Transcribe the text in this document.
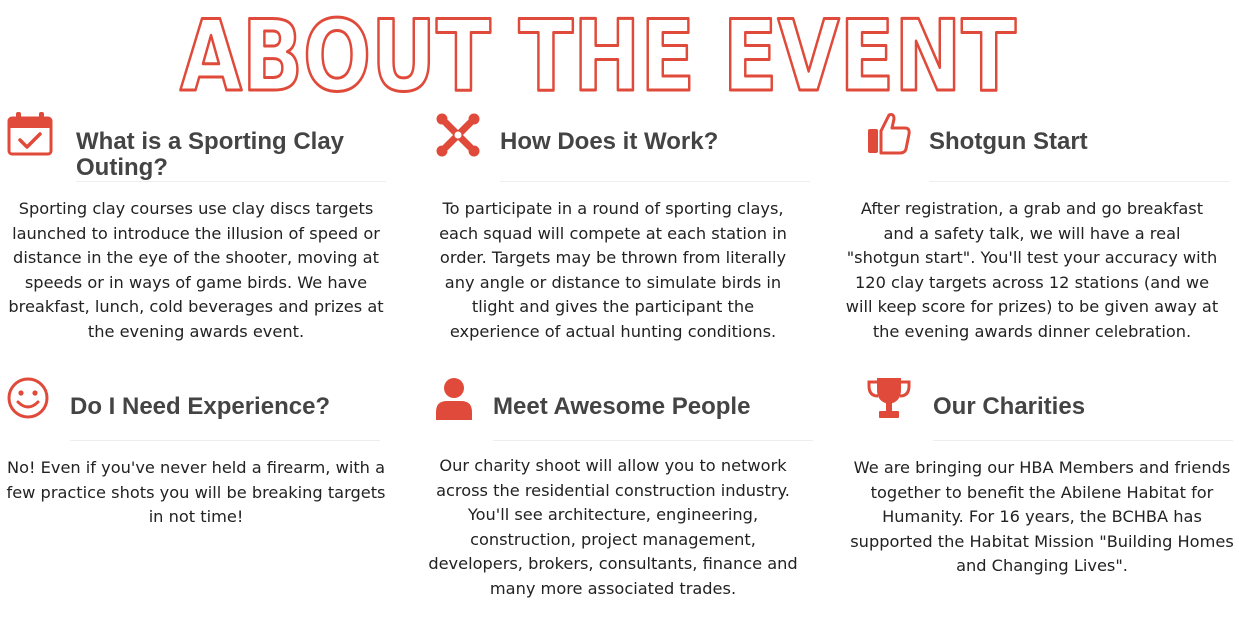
ABOUT THE EVENT
What is a Sporting Clay Outing?
Sporting clay courses use clay discs targets launched to introduce the illusion of speed or distance in the eye of the shooter, moving at speeds or in ways of game birds. We have breakfast, lunch, cold beverages and prizes at the evening awards event.
How Does it Work?
To participate in a round of sporting clays, each squad will compete at each station in order. Targets may be thrown from literally any angle or distance to simulate birds in tlight and gives the participant the experience of actual hunting conditions.
Shotgun Start
After registration, a grab and go breakfast and a safety talk, we will have a real "shotgun start". You'll test your accuracy with 120 clay targets across 12 stations (and we will keep score for prizes) to be given away at the evening awards dinner celebration.
Do I Need Experience?
No! Even if you've never held a firearm, with a few practice shots you will be breaking targets in not time!
Meet Awesome People
Our charity shoot will allow you to network across the residential construction industry. You'll see architecture, engineering, construction, project management, developers, brokers, consultants, finance and many more associated trades.
Our Charities
We are bringing our HBA Members and friends together to benefit the Abilene Habitat for Humanity. For 16 years, the BCHBA has supported the Habitat Mission "Building Homes and Changing Lives".
